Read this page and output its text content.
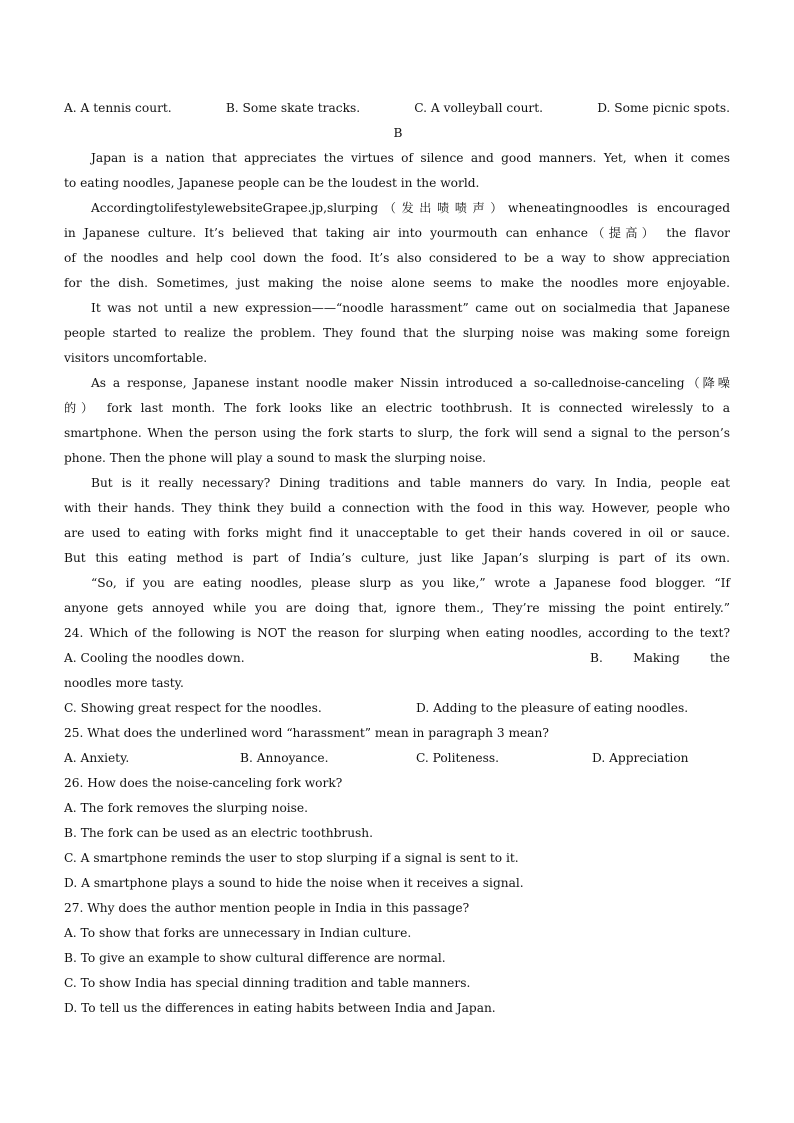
A. A tennis court.	B. Some skate tracks.	C. A volleyball court.	D. Some picnic spots.
B
Japan is a nation that appreciates the virtues of silence and good manners. Yet, when it comes
to eating noodles, Japanese people can be the loudest in the world.
AccordingtolifestylewebsiteGrapee.jp,slurping（发出啧啧声）wheneatingnoodles is encouraged
in Japanese culture. It’s believed that taking air into yourmouth can enhance（提高） the flavor
of the noodles and help cool down the food. It’s also considered to be a way to show appreciation
for the dish. Sometimes, just making the noise alone seems to make the noodles more enjoyable.
It was not until a new expression——“noodle harassment” came out on socialmedia that Japanese
people started to realize the problem. They found that the slurping noise was making some foreign
visitors uncomfortable.
As a response, Japanese instant noodle maker Nissin introduced a so-callednoise-canceling（降噪
的） fork last month. The fork looks like an electric toothbrush. It is connected wirelessly to a
smartphone. When the person using the fork starts to slurp, the fork will send a signal to the person’s
phone. Then the phone will play a sound to mask the slurping noise.
But is it really necessary? Dining traditions and table manners do vary. In India, people eat
with their hands. They think they build a connection with the food in this way. However, people who
are used to eating with forks might find it unacceptable to get their hands covered in oil or sauce.
But this eating method is part of India’s culture, just like Japan’s slurping is part of its own.
“So, if you are eating noodles, please slurp as you like,” wrote a Japanese food blogger. “If
anyone gets annoyed while you are doing that, ignore them., They’re missing the point entirely.”
24. Which of the following is NOT the reason for slurping when eating noodles, according to the text?
A. Cooling the noodles down.	B. Making the
noodles more tasty.
C. Showing great respect for the noodles.	D. Adding to the pleasure of eating noodles.
25. What does the underlined word “harassment” mean in paragraph 3 mean?
A. Anxiety.	B. Annoyance.	C. Politeness.	D. Appreciation
26. How does the noise-canceling fork work?
A. The fork removes the slurping noise.
B. The fork can be used as an electric toothbrush.
C. A smartphone reminds the user to stop slurping if a signal is sent to it.
D. A smartphone plays a sound to hide the noise when it receives a signal.
27. Why does the author mention people in India in this passage?
A. To show that forks are unnecessary in Indian culture.
B. To give an example to show cultural difference are normal.
C. To show India has special dinning tradition and table manners.
D. To tell us the differences in eating habits between India and Japan.
